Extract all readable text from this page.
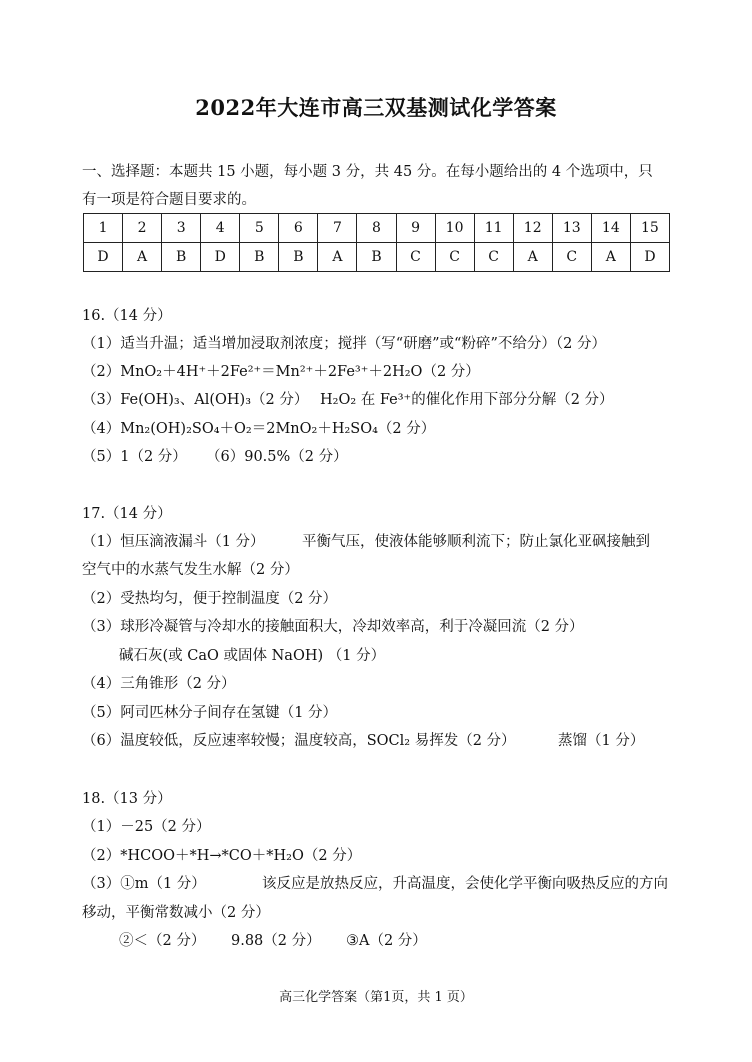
2022年大连市高三双基测试化学答案
一、选择题：本题共 15 小题，每小题 3 分，共 45 分。在每小题给出的 4 个选项中，只
有一项是符合题目要求的。
1	2	3	4	5	6	7	8	9	10	11	12	13	14	15
D	A	B	D	B	B	A	B	C	C	C	A	C	A	D
16.（14 分）
（1）适当升温；适当增加浸取剂浓度；搅拌（写“研磨”或“粉碎”不给分）（2 分）
（2）MnO₂＋4H⁺＋2Fe²⁺＝Mn²⁺＋2Fe³⁺＋2H₂O（2 分）
（3）Fe(OH)₃、Al(OH)₃（2 分） H₂O₂ 在 Fe³⁺的催化作用下部分分解（2 分）
（4）Mn₂(OH)₂SO₄＋O₂＝2MnO₂＋H₂SO₄（2 分）
（5）1（2 分） （6）90.5%（2 分）
17.（14 分）
（1）恒压滴液漏斗（1 分）	平衡气压，使液体能够顺利流下；防止氯化亚砜接触到
空气中的水蒸气发生水解（2 分）
（2）受热均匀，便于控制温度（2 分）
（3）球形冷凝管与冷却水的接触面积大，冷却效率高，利于冷凝回流（2 分）
碱石灰(或 CaO 或固体 NaOH) （1 分）
（4）三角锥形（2 分）
（5）阿司匹林分子间存在氢键（1 分）
（6）温度较低，反应速率较慢；温度较高，SOCl₂ 易挥发（2 分）	蒸馏（1 分）
18.（13 分）
（1）－25（2 分）
（2）*HCOO＋*H→*CO＋*H₂O（2 分）
（3）①m（1 分）	该反应是放热反应，升高温度，会使化学平衡向吸热反应的方向
移动，平衡常数减小（2 分）
②＜（2 分） 9.88（2 分） ③A（2 分）
高三化学答案（第1页，共 1 页）
